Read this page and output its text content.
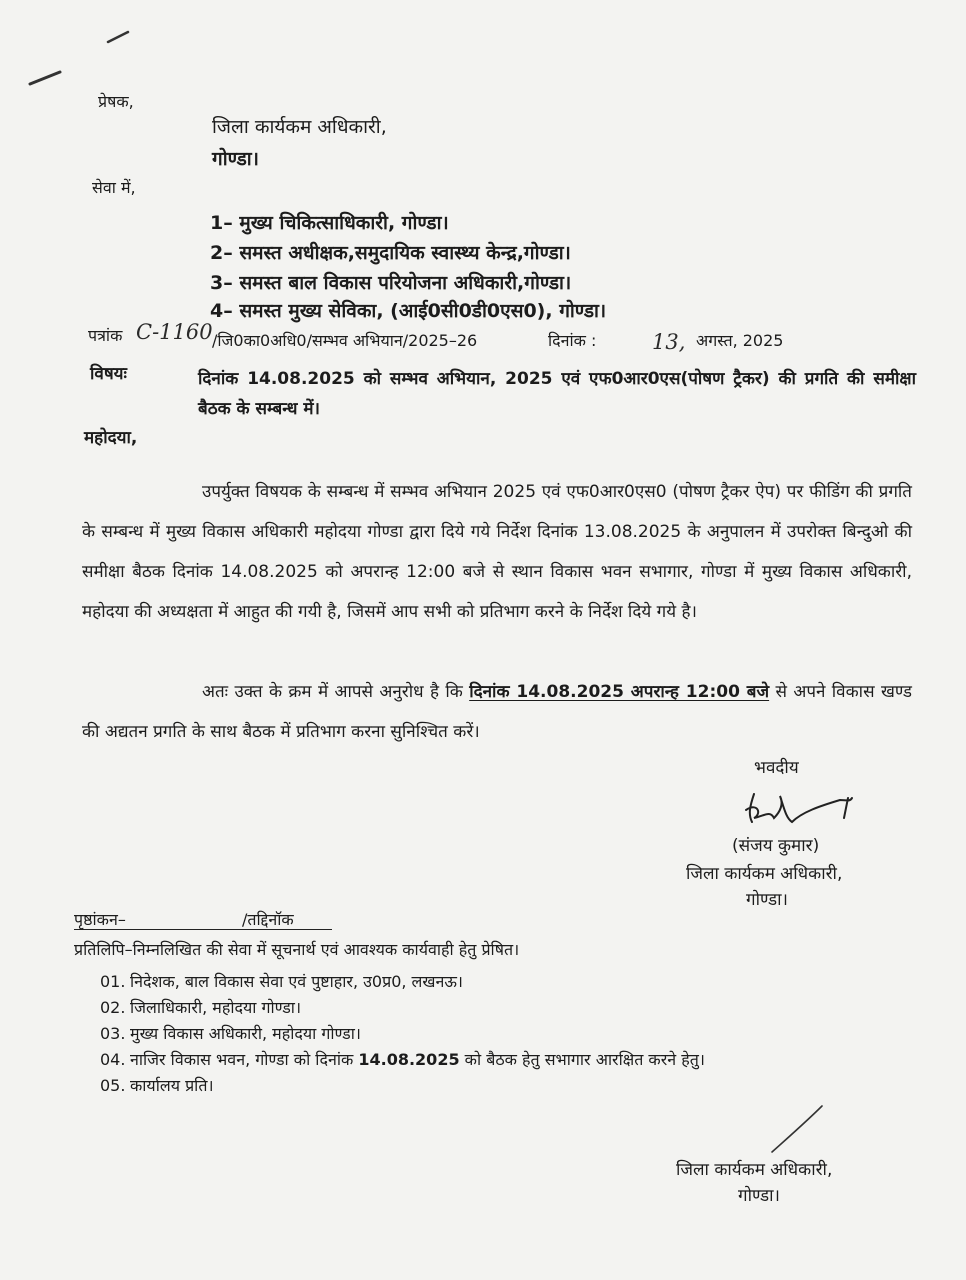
प्रेषक,
जिला कार्यकम अधिकारी,
गोण्डा।
सेवा में,
1– मुख्य चिकित्साधिकारी, गोण्डा।
2– समस्त अधीक्षक,समुदायिक स्वास्थ्य केन्द्र,गोण्डा।
3– समस्त बाल विकास परियोजना अधिकारी,गोण्डा।
4– समस्त मुख्य सेविका, (आई0सी0डी0एस0), गोण्डा।
पत्रांक C-1160 /जि0का0अधि0/सम्भव अभियान/2025–26	दिनांक :	13, अगस्त, 2025
विषयः	दिनांक 14.08.2025 को सम्भव अभियान, 2025 एवं एफ0आर0एस(पोषण ट्रैकर) की प्रगति की समीक्षा बैठक के सम्बन्ध में।
महोदया,

उपर्युक्त विषयक के सम्बन्ध में सम्भव अभियान 2025 एवं एफ0आर0एस0 (पोषण ट्रैकर ऐप) पर फीडिंग की प्रगति के सम्बन्ध में मुख्य विकास अधिकारी महोदया गोण्डा द्वारा दिये गये निर्देश दिनांक 13.08.2025 के अनुपालन में उपरोक्त बिन्दुओ की समीक्षा बैठक दिनांक 14.08.2025 को अपरान्ह 12:00 बजे से स्थान विकास भवन सभागार, गोण्डा में मुख्य विकास अधिकारी, महोदया की अध्यक्षता में आहुत की गयी है, जिसमें आप सभी को प्रतिभाग करने के निर्देश दिये गये है।

अतः उक्त के क्रम में आपसे अनुरोध है कि दिनांक 14.08.2025 अपरान्ह 12:00 बजे से अपने विकास खण्ड की अद्यतन प्रगति के साथ बैठक में प्रतिभाग करना सुनिश्चित करें।

भवदीय
(संजय कुमार)
जिला कार्यकम अधिकारी,
गोण्डा।
पृष्ठांकन–	/तद्दिनॉक
प्रतिलिपि–निम्नलिखित की सेवा में सूचनार्थ एवं आवश्यक कार्यवाही हेतु प्रेषित।
01. निदेशक, बाल विकास सेवा एवं पुष्टाहार, उ0प्र0, लखनऊ।
02. जिलाधिकारी, महोदया गोण्डा।
03. मुख्य विकास अधिकारी, महोदया गोण्डा।
04. नाजिर विकास भवन, गोण्डा को दिनांक 14.08.2025 को बैठक हेतु सभागार आरक्षित करने हेतु।
05. कार्यालय प्रति।
जिला कार्यकम अधिकारी,
गोण्डा।
